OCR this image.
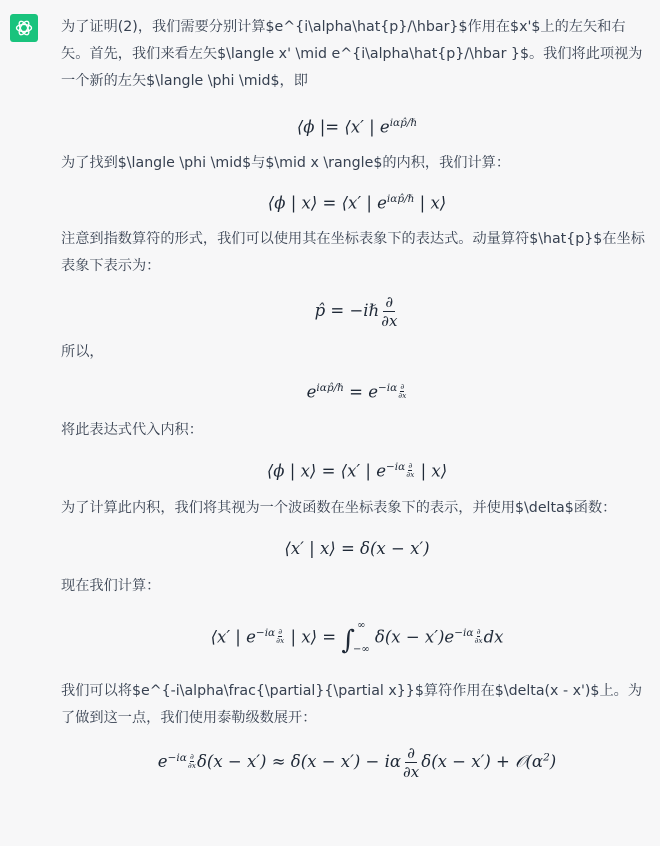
为了证明(2)，我们需要分别计算$e^{i\alpha\hat{p}/\hbar}$作用在$x'$上的左矢和右矢。首先，我们来看左矢$\langle x' \mid e^{i\alpha\hat{p}/\hbar }$。我们将此项视为一个新的左矢$\langle \phi \mid$，即

⟨ϕ |= ⟨x′ | $e^{i\alpha p̂/\hbar}$

为了找到$\langle \phi \mid$与$\mid x \rangle$的内积，我们计算：

⟨ϕ | x⟩ = ⟨x′ | $e^{i\alpha p̂/\hbar}$ | x⟩

注意到指数算符的形式，我们可以使用其在坐标表象下的表达式。动量算符$\hat{p}$在坐标表象下表示为：

p̂ = −iℏ $\frac{\partial}{\partial x}$

所以，

$e^{i\alpha p̂/\hbar} = e^{-i\alpha \partial \partial x}$

将此表达式代入内积：

⟨ϕ | x⟩ = ⟨x′ | $e^{-i\alpha \partial \partial x}$ | x⟩

为了计算此内积，我们将其视为一个波函数在坐标表象下的表示，并使用$\delta$函数：

⟨x′ | x⟩ = δ(x − x′)

现在我们计算：

⟨x′ | $e^{-i\alpha \partial \partial x}$ | x⟩ = ∫ ∞
−∞
$\delta(x - x')e^{-i\alpha \partial \partial x}$ dx

我们可以将$e^{-i\alpha\frac{\partial}{\partial x}}$算符作用在$\delta(x - x')$上。为了做到这一点，我们使用泰勒级数展开：

$e^{-i\alpha \partial \partial x}$ δ(x − x′) ≈ δ(x − x′) − iα $\frac{\partial}{\partial x} \delta(x - x')$ + $𝒪(\alpha^2)$
